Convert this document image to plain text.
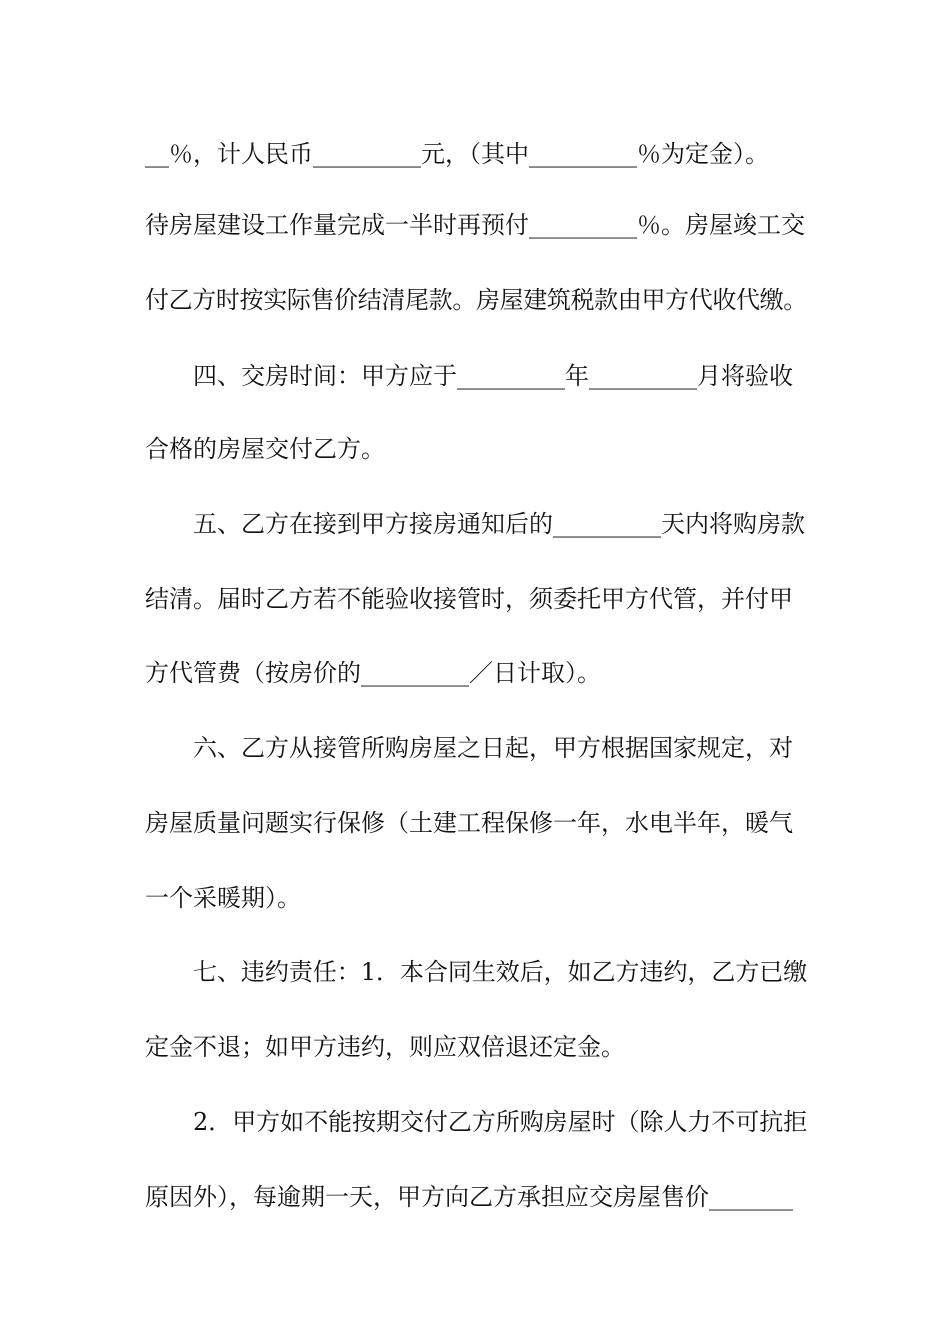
__％，计人民币_________元，（其中_________％为定金）。
待房屋建设工作量完成一半时再预付_________％。房屋竣工交
付乙方时按实际售价结清尾款。房屋建筑税款由甲方代收代缴。
四、交房时间：甲方应于_________年_________月将验收
合格的房屋交付乙方。
五、乙方在接到甲方接房通知后的_________天内将购房款
结清。届时乙方若不能验收接管时，须委托甲方代管，并付甲
方代管费（按房价的_________／日计取）。
六、乙方从接管所购房屋之日起，甲方根据国家规定，对
房屋质量问题实行保修（土建工程保修一年，水电半年，暖气
一个采暖期）。
七、违约责任：1．本合同生效后，如乙方违约，乙方已缴
定金不退；如甲方违约，则应双倍退还定金。
2．甲方如不能按期交付乙方所购房屋时（除人力不可抗拒
原因外），每逾期一天，甲方向乙方承担应交房屋售价_______
